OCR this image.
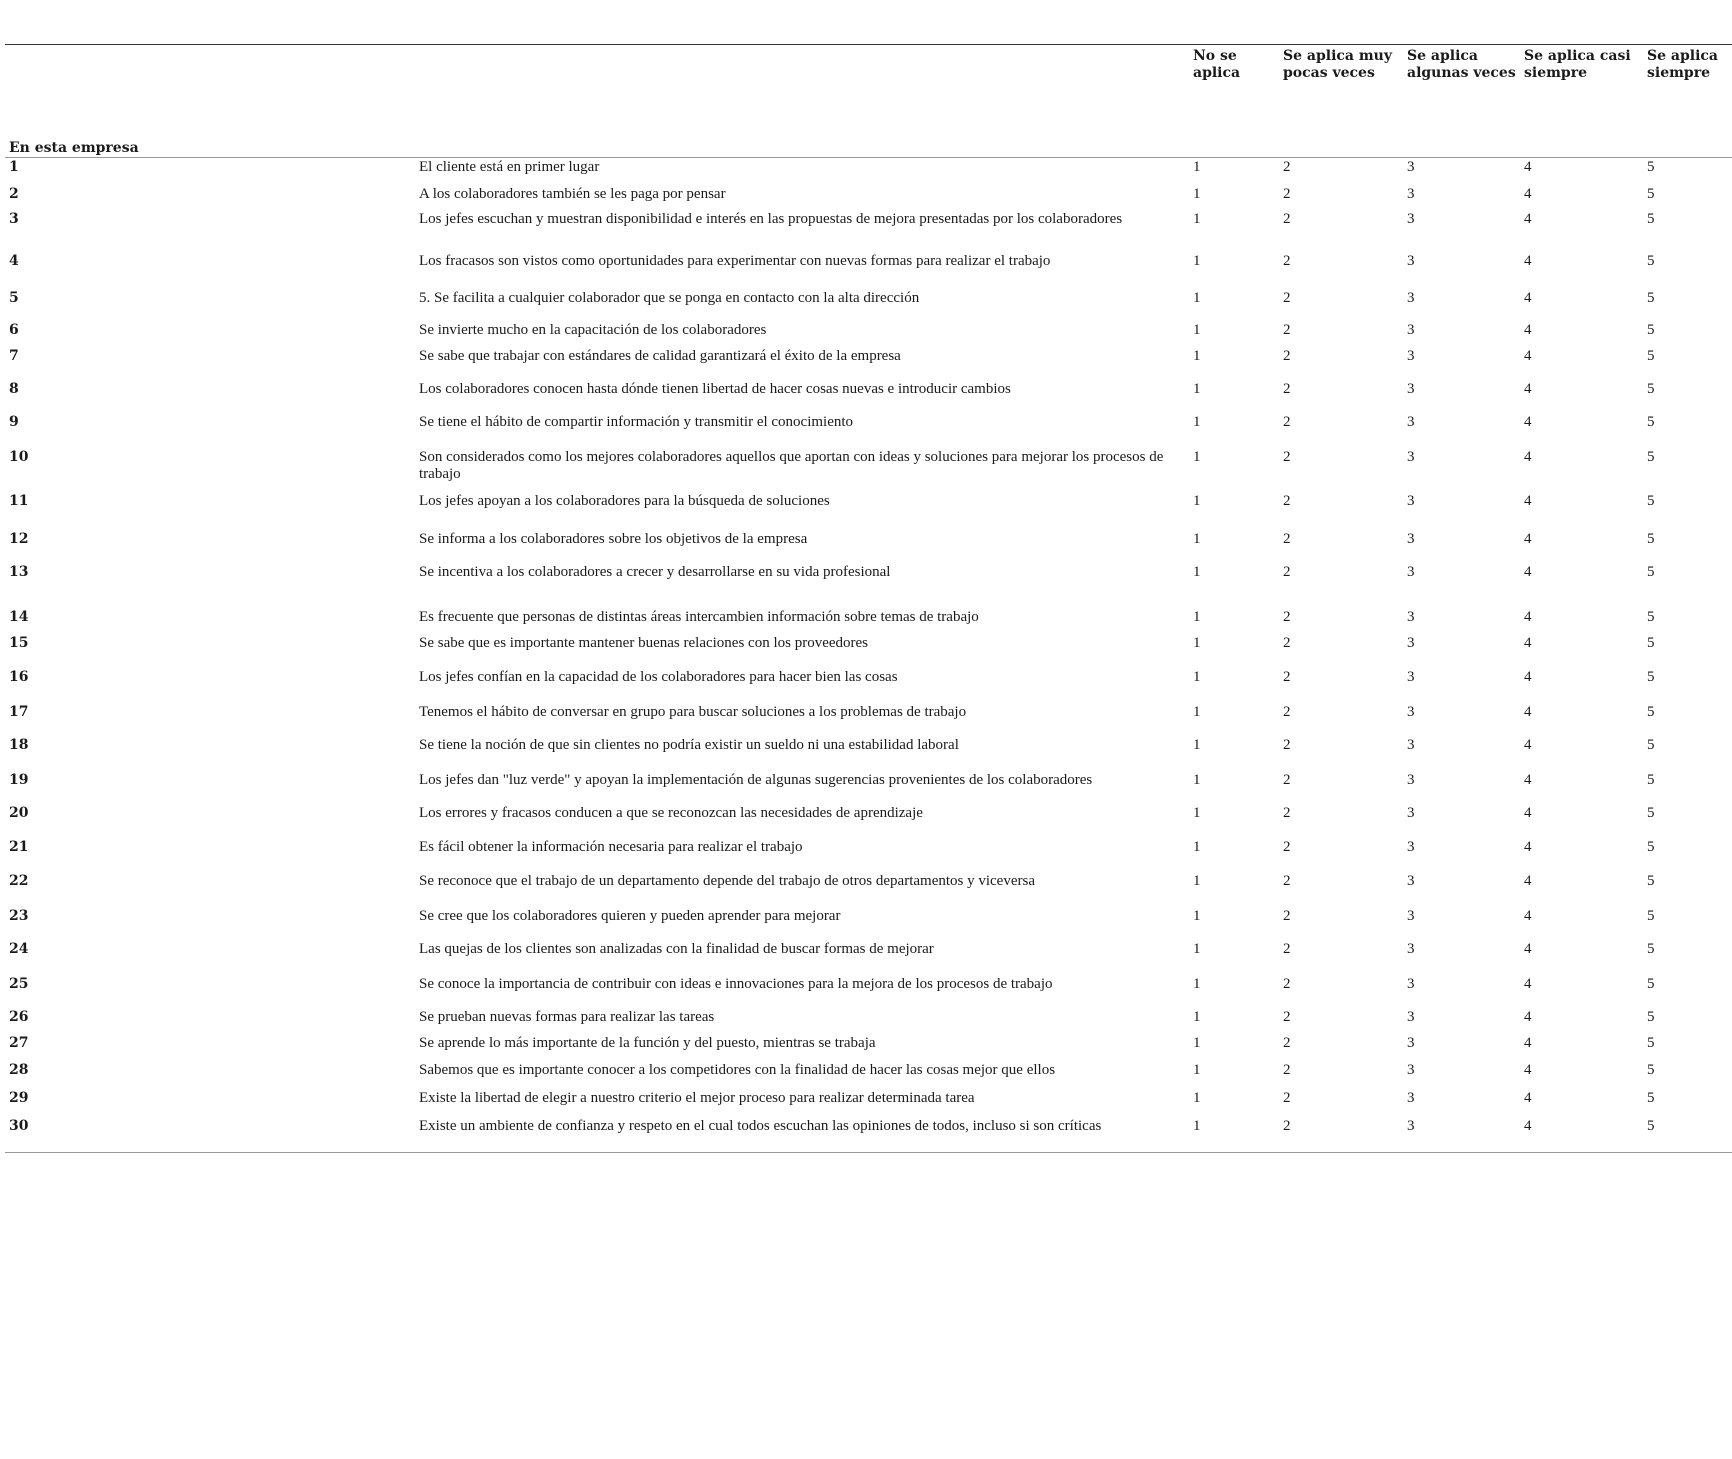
		No se aplica	Se aplica muy pocas veces	Se aplica algunas veces	Se aplica casi siempre	Se aplica siempre
En esta empresa						
1	El cliente está en primer lugar	1	2	3	4	5
2	A los colaboradores también se les paga por pensar	1	2	3	4	5
3	Los jefes escuchan y muestran disponibilidad e interés en las propuestas de mejora presentadas por los colaboradores	1	2	3	4	5
4	Los fracasos son vistos como oportunidades para experimentar con nuevas formas para realizar el trabajo	1	2	3	4	5
5	5. Se facilita a cualquier colaborador que se ponga en contacto con la alta dirección	1	2	3	4	5
6	Se invierte mucho en la capacitación de los colaboradores	1	2	3	4	5
7	Se sabe que trabajar con estándares de calidad garantizará el éxito de la empresa	1	2	3	4	5
8	Los colaboradores conocen hasta dónde tienen libertad de hacer cosas nuevas e introducir cambios	1	2	3	4	5
9	Se tiene el hábito de compartir información y transmitir el conocimiento	1	2	3	4	5
10	Son considerados como los mejores colaboradores aquellos que aportan con ideas y soluciones para mejorar los procesos de trabajo	1	2	3	4	5
11	Los jefes apoyan a los colaboradores para la búsqueda de soluciones	1	2	3	4	5
12	Se informa a los colaboradores sobre los objetivos de la empresa	1	2	3	4	5
13	Se incentiva a los colaboradores a crecer y desarrollarse en su vida profesional	1	2	3	4	5
14	Es frecuente que personas de distintas áreas intercambien información sobre temas de trabajo	1	2	3	4	5
15	Se sabe que es importante mantener buenas relaciones con los proveedores	1	2	3	4	5
16	Los jefes confían en la capacidad de los colaboradores para hacer bien las cosas	1	2	3	4	5
17	Tenemos el hábito de conversar en grupo para buscar soluciones a los problemas de trabajo	1	2	3	4	5
18	Se tiene la noción de que sin clientes no podría existir un sueldo ni una estabilidad laboral	1	2	3	4	5
19	Los jefes dan "luz verde" y apoyan la implementación de algunas sugerencias provenientes de los colaboradores	1	2	3	4	5
20	Los errores y fracasos conducen a que se reconozcan las necesidades de aprendizaje	1	2	3	4	5
21	Es fácil obtener la información necesaria para realizar el trabajo	1	2	3	4	5
22	Se reconoce que el trabajo de un departamento depende del trabajo de otros departamentos y viceversa	1	2	3	4	5
23	Se cree que los colaboradores quieren y pueden aprender para mejorar	1	2	3	4	5
24	Las quejas de los clientes son analizadas con la finalidad de buscar formas de mejorar	1	2	3	4	5
25	Se conoce la importancia de contribuir con ideas e innovaciones para la mejora de los procesos de trabajo	1	2	3	4	5
26	Se prueban nuevas formas para realizar las tareas	1	2	3	4	5
27	Se aprende lo más importante de la función y del puesto, mientras se trabaja	1	2	3	4	5
28	Sabemos que es importante conocer a los competidores con la finalidad de hacer las cosas mejor que ellos	1	2	3	4	5
29	Existe la libertad de elegir a nuestro criterio el mejor proceso para realizar determinada tarea	1	2	3	4	5
30	Existe un ambiente de confianza y respeto en el cual todos escuchan las opiniones de todos, incluso si son críticas	1	2	3	4	5
